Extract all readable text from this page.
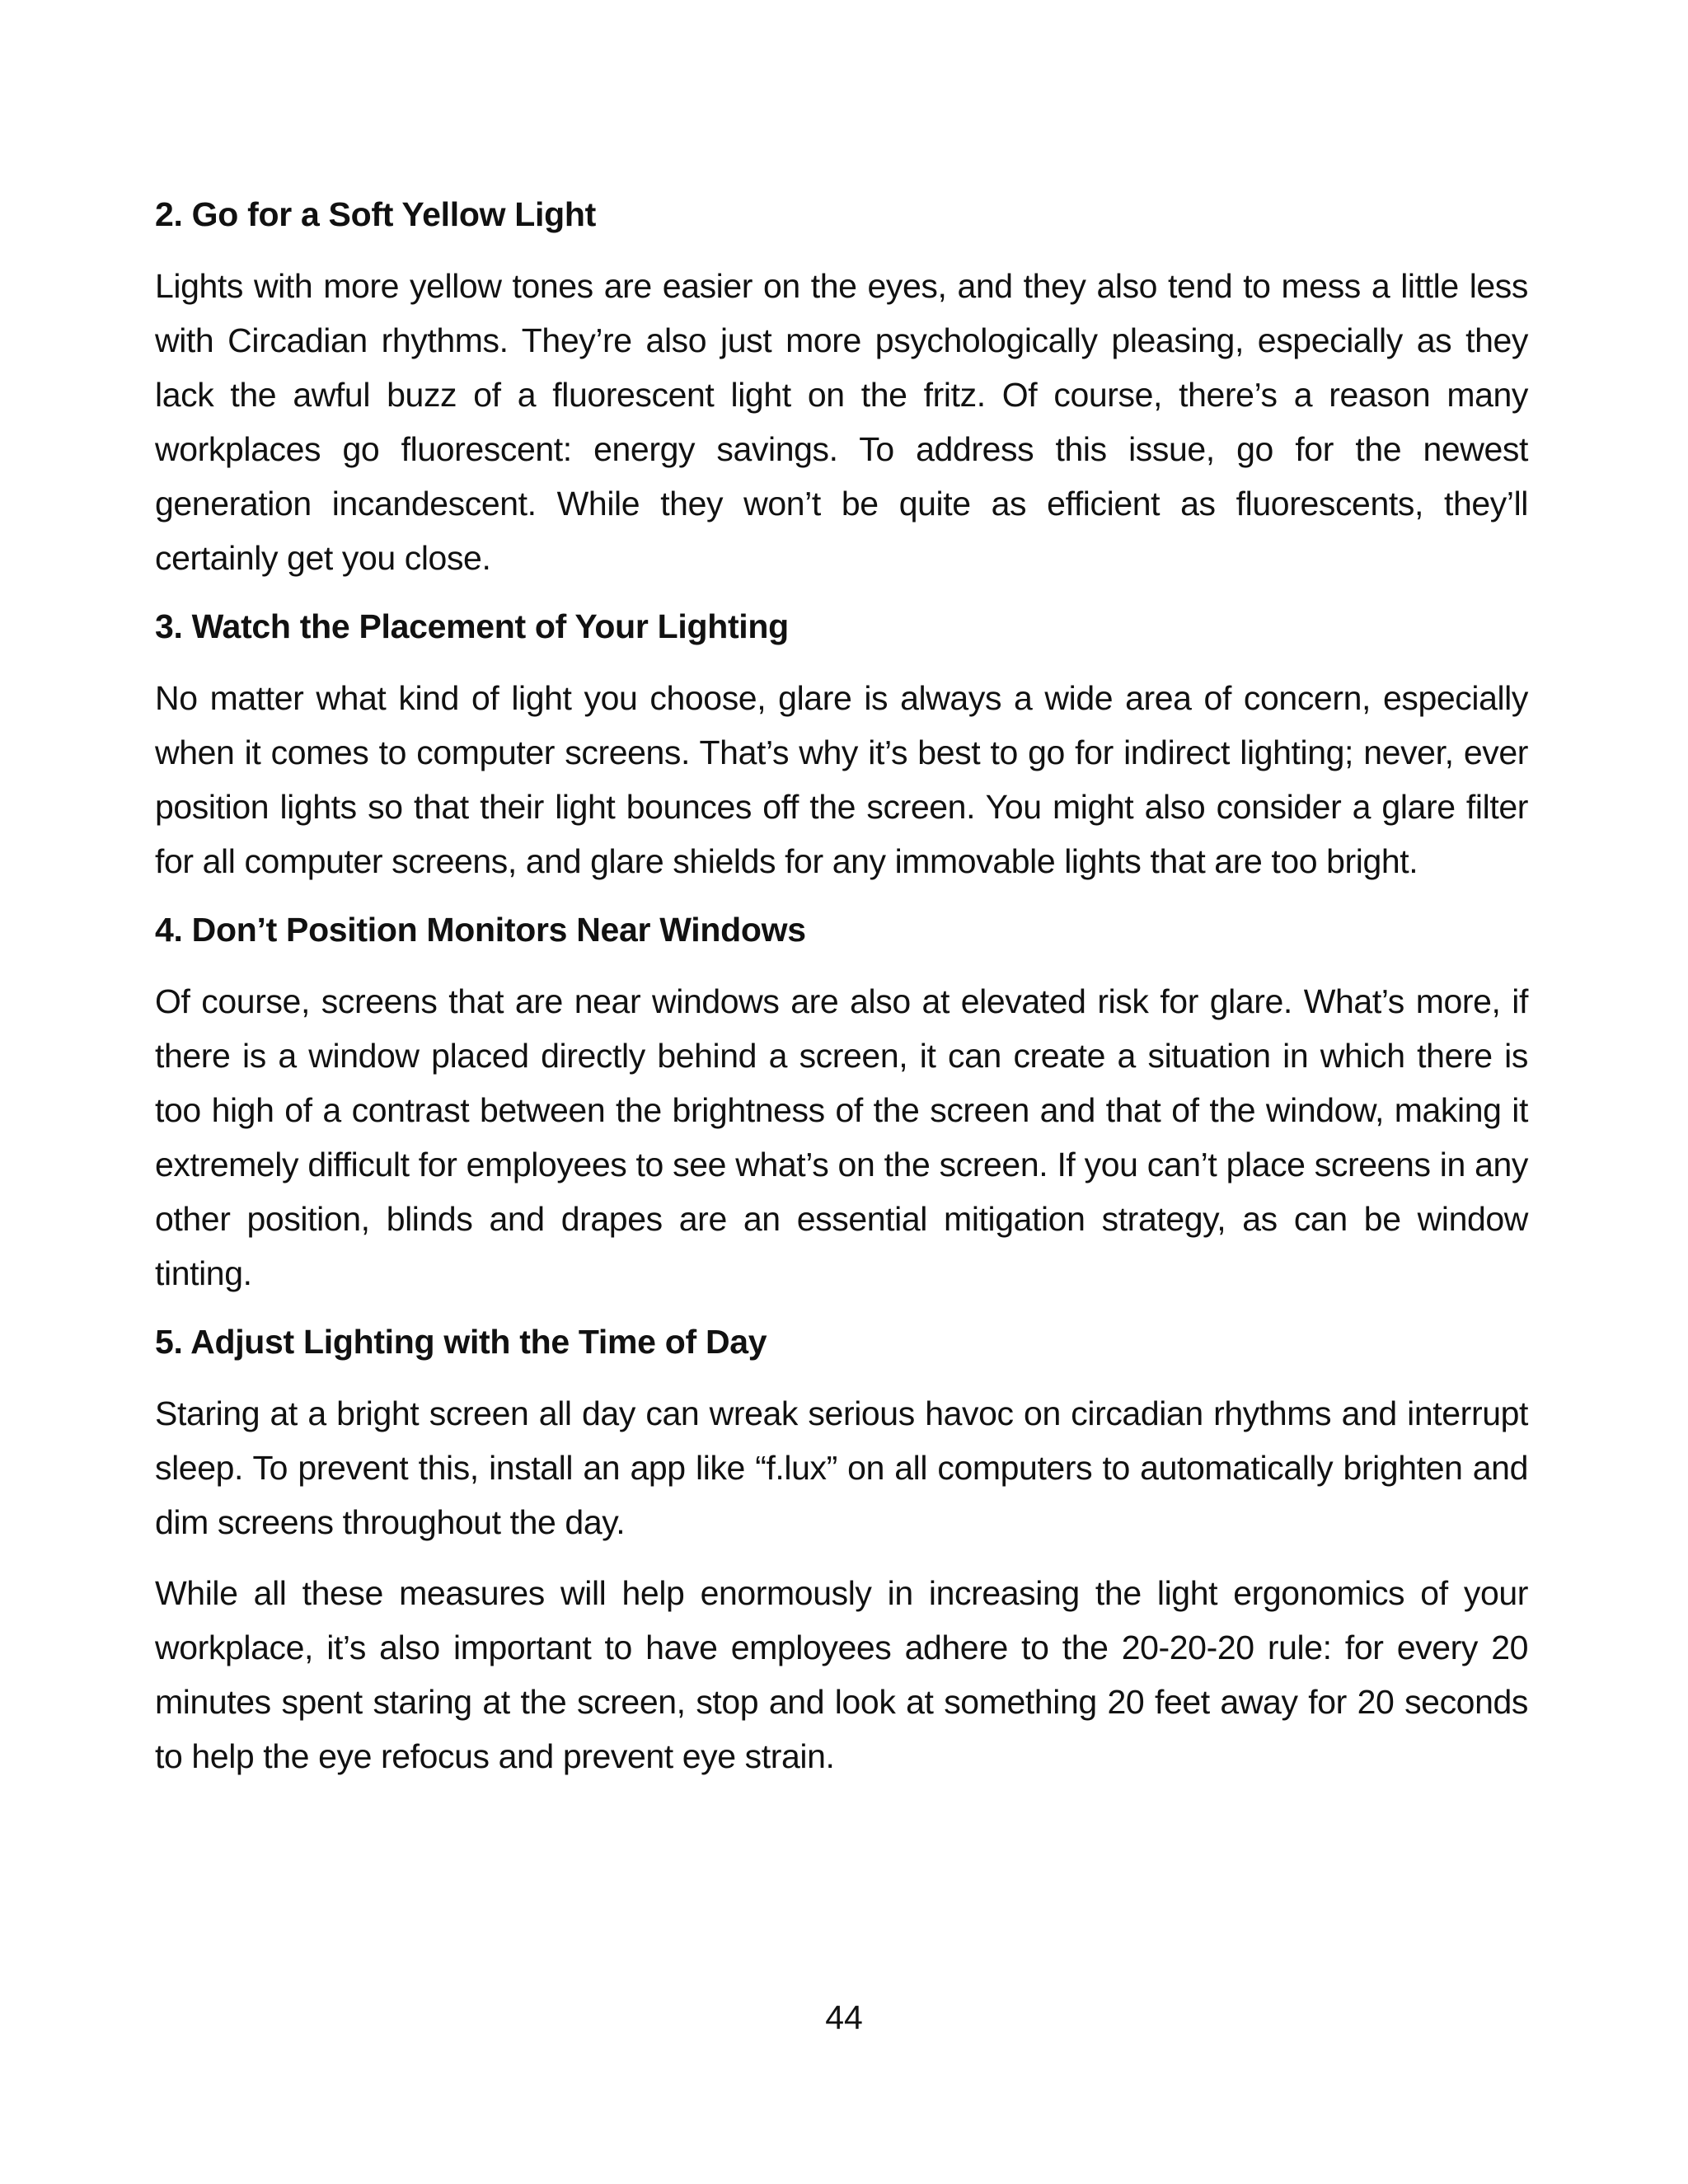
2. Go for a Soft Yellow Light

Lights with more yellow tones are easier on the eyes, and they also tend to mess a little less with Circadian rhythms. They’re also just more psychologically pleasing, especially as they lack the awful buzz of a fluorescent light on the fritz. Of course, there’s a reason many workplaces go fluorescent: energy savings. To address this issue, go for the newest generation incandescent. While they won’t be quite as efficient as fluorescents, they’ll certainly get you close.

3. Watch the Placement of Your Lighting

No matter what kind of light you choose, glare is always a wide area of concern, especially when it comes to computer screens. That’s why it’s best to go for indirect lighting; never, ever position lights so that their light bounces off the screen. You might also consider a glare filter for all computer screens, and glare shields for any immovable lights that are too bright.

4. Don’t Position Monitors Near Windows

Of course, screens that are near windows are also at elevated risk for glare. What’s more, if there is a window placed directly behind a screen, it can create a situation in which there is too high of a contrast between the brightness of the screen and that of the window, making it extremely difficult for employees to see what’s on the screen. If you can’t place screens in any other position, blinds and drapes are an essential mitigation strategy, as can be window tinting.

5. Adjust Lighting with the Time of Day

Staring at a bright screen all day can wreak serious havoc on circadian rhythms and interrupt sleep. To prevent this, install an app like “f.lux” on all computers to automatically brighten and dim screens throughout the day.

While all these measures will help enormously in increasing the light ergonomics of your workplace, it’s also important to have employees adhere to the 20-20-20 rule: for every 20 minutes spent staring at the screen, stop and look at something 20 feet away for 20 seconds to help the eye refocus and prevent eye strain.

44
